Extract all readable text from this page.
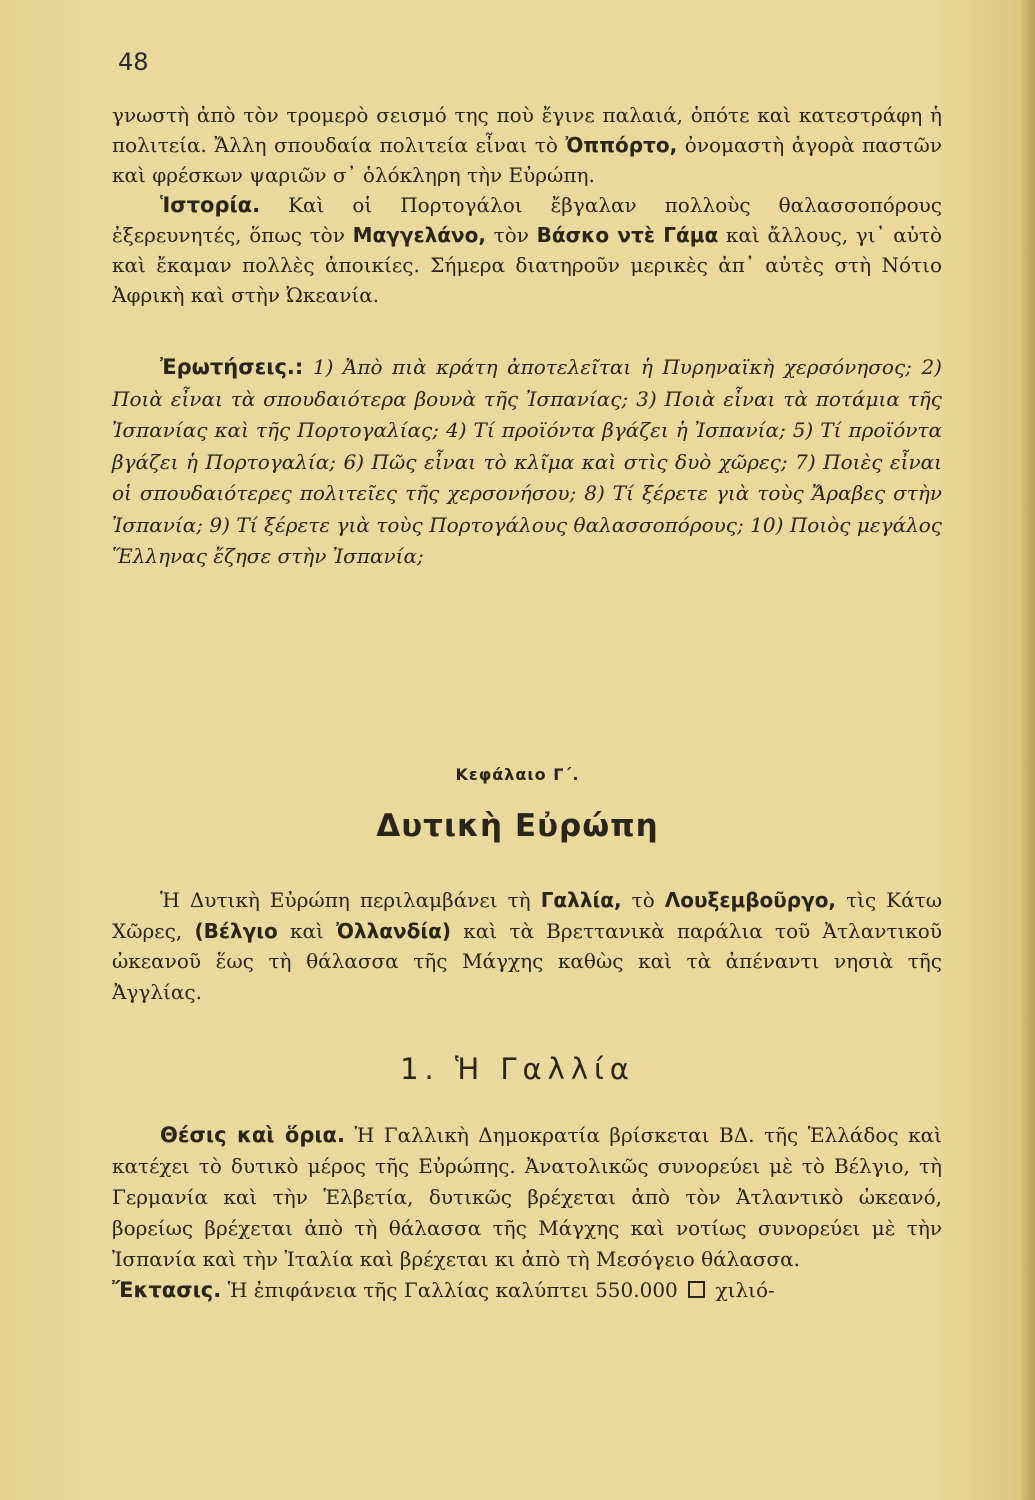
48

γνωστὴ ἀπὸ τὸν τρομερὸ σεισμό της ποὺ ἔγινε παλαιά, ὁπότε καὶ κατεστράφη ἡ πολιτεία. Ἄλλη σπουδαία πολιτεία εἶναι τὸ Ὀππόρτο, ὀνομαστὴ ἀγορὰ παστῶν καὶ φρέσκων ψαριῶν σ᾽ ὁλόκληρη τὴν Εὐρώπη.

Ἱστορία. Καὶ οἱ Πορτογάλοι ἔβγαλαν πολλοὺς θαλασσοπόρους ἐξερευνητές, ὅπως τὸν Μαγγελάνο, τὸν Βάσκο ντὲ Γάμα καὶ ἄλλους, γι᾽ αὐτὸ καὶ ἔκαμαν πολλὲς ἀποικίες. Σήμερα διατηροῦν μερικὲς ἀπ᾽ αὐτὲς στὴ Νότιο Ἀφρικὴ καὶ στὴν Ὠκεανία.

Ἐρωτήσεις.: 1) Ἀπὸ πιὰ κράτη ἀποτελεῖται ἡ Πυρηναϊκὴ χερσόνησος; 2) Ποιὰ εἶναι τὰ σπουδαιότερα βουνὰ τῆς Ἰσπανίας; 3) Ποιὰ εἶναι τὰ ποτάμια τῆς Ἰσπανίας καὶ τῆς Πορτογαλίας; 4) Τί προϊόντα βγάζει ἡ Ἰσπανία; 5) Τί προϊόντα βγάζει ἡ Πορτογαλία; 6) Πῶς εἶναι τὸ κλῖμα καὶ στὶς δυὸ χῶρες; 7) Ποιὲς εἶναι οἱ σπουδαιότερες πολιτεῖες τῆς χερσονήσου; 8) Τί ξέρετε γιὰ τοὺς Ἄραβες στὴν Ἰσπανία; 9) Τί ξέρετε γιὰ τοὺς Πορτογάλους θαλασσοπόρους; 10) Ποιὸς μεγάλος Ἕλληνας ἔζησε στὴν Ἰσπανία;

Κεφάλαιο Γ΄.
Δυτικὴ Εὐρώπη

Ἡ Δυτικὴ Εὐρώπη περιλαμβάνει τὴ Γαλλία, τὸ Λουξεμβοῦργο, τὶς Κάτω Χῶρες, (Βέλγιο καὶ Ὀλλανδία) καὶ τὰ Βρεττανικὰ παράλια τοῦ Ἀτλαντικοῦ ὠκεανοῦ ἕως τὴ θάλασσα τῆς Μάγχης καθὼς καὶ τὰ ἀπέναντι νησιὰ τῆς Ἀγγλίας.

1. Ἡ Γαλλία

Θέσις καὶ ὅρια. Ἡ Γαλλικὴ Δημοκρατία βρίσκεται ΒΔ. τῆς Ἑλλάδος καὶ κατέχει τὸ δυτικὸ μέρος τῆς Εὐρώπης. Ἀνατολικῶς συνορεύει μὲ τὸ Βέλγιο, τὴ Γερμανία καὶ τὴν Ἑλβετία, δυτικῶς βρέχεται ἀπὸ τὸν Ἀτλαντικὸ ὠκεανό, βορείως βρέχεται ἀπὸ τὴ θάλασσα τῆς Μάγχης καὶ νοτίως συνορεύει μὲ τὴν Ἰσπανία καὶ τὴν Ἰταλία καὶ βρέχεται κι ἀπὸ τὴ Μεσόγειο θάλασσα.

Ἔκτασις. Ἡ ἐπιφάνεια τῆς Γαλλίας καλύπτει 550.000 χιλιό-
